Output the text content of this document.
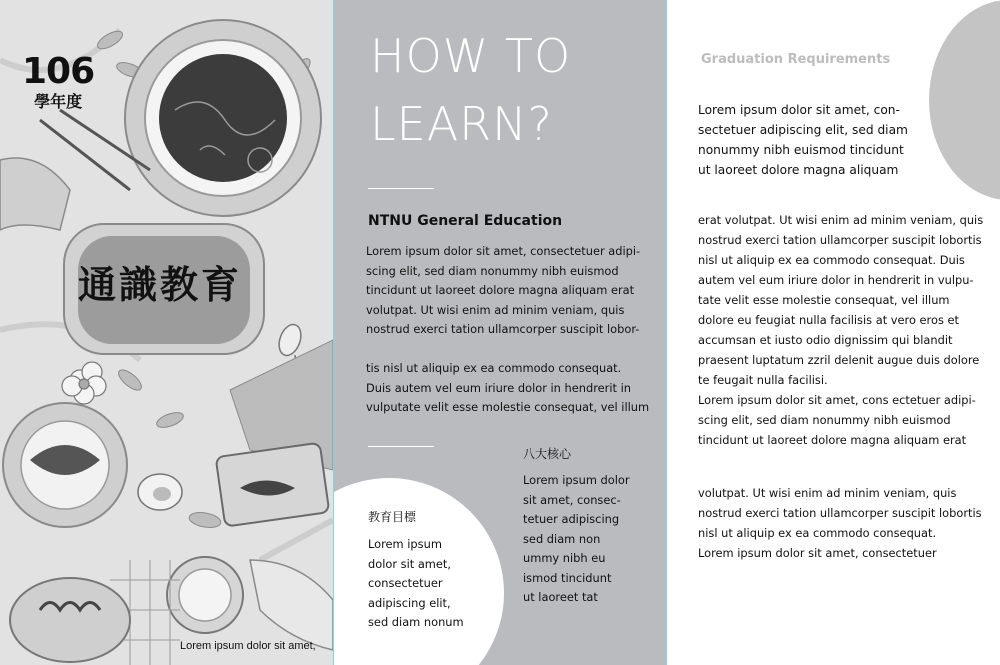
106
學年度
通識教育
Lorem ipsum dolor sit amet,
HOW TO
LEARN?
NTNU General Education
Lorem ipsum dolor sit amet, consectetuer adipi-
scing elit, sed diam nonummy nibh euismod
tincidunt ut laoreet dolore magna aliquam erat
volutpat. Ut wisi enim ad minim veniam, quis
nostrud exerci tation ullamcorper suscipit lobor-
tis nisl ut aliquip ex ea commodo consequat.
Duis autem vel eum iriure dolor in hendrerit in
vulputate velit esse molestie consequat, vel illum
教育目標
Lorem ipsum
dolor sit amet,
consectetuer
adipiscing elit,
sed diam nonum
八大核心
Lorem ipsum dolor
sit amet, consec-
tetuer adipiscing
sed diam non
ummy nibh eu
ismod tincidunt
ut laoreet tat
Graduation Requirements
Lorem ipsum dolor sit amet, con-
sectetuer adipiscing elit, sed diam
nonummy nibh euismod tincidunt
ut laoreet dolore magna aliquam
erat volutpat. Ut wisi enim ad minim veniam, quis
nostrud exerci tation ullamcorper suscipit lobortis
nisl ut aliquip ex ea commodo consequat. Duis
autem vel eum iriure dolor in hendrerit in vulpu-
tate velit esse molestie consequat, vel illum
dolore eu feugiat nulla facilisis at vero eros et
accumsan et iusto odio dignissim qui blandit
praesent luptatum zzril delenit augue duis dolore
te feugait nulla facilisi.
Lorem ipsum dolor sit amet, cons ectetuer adipi-
scing elit, sed diam nonummy nibh euismod
tincidunt ut laoreet dolore magna aliquam erat
volutpat. Ut wisi enim ad minim veniam, quis
nostrud exerci tation ullamcorper suscipit lobortis
nisl ut aliquip ex ea commodo consequat.
Lorem ipsum dolor sit amet, consectetuer
